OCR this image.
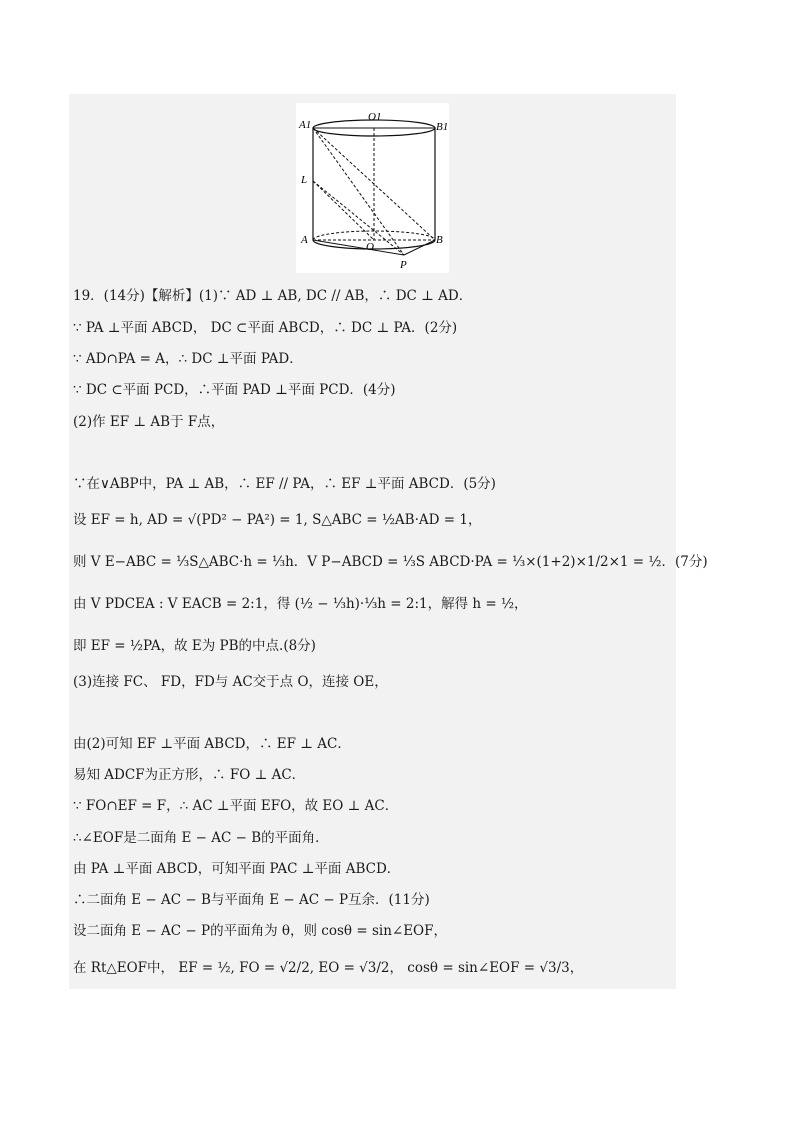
A1
O1
B1
L
A
O
B
P
19．(14分)【解析】(1)∵ AD ⊥ AB, DC // AB，∴ DC ⊥ AD．
∵ PA ⊥平面 ABCD， DC ⊂平面 ABCD，∴ DC ⊥ PA．(2分)
∵ AD∩PA = A，∴ DC ⊥平面 PAD．
∵ DC ⊂平面 PCD，∴平面 PAD ⊥平面 PCD．(4分)
(2)作 EF ⊥ AB于 F点，
∵在∨ABP中，PA ⊥ AB，∴ EF // PA，∴ EF ⊥平面 ABCD．(5分)
设 EF = h, AD = √(PD² − PA²) = 1, S△ABC = ½AB·AD = 1，
则 V E−ABC = ⅓S△ABC·h = ⅓h．V P−ABCD = ⅓S ABCD·PA = ⅓×(1+2)×1/2×1 = ½．(7分)
由 V PDCEA : V EACB = 2:1，得 (½ − ⅓h)·⅓h = 2:1，解得 h = ½，
即 EF = ½PA，故 E为 PB的中点.(8分)
(3)连接 FC、 FD，FD与 AC交于点 O，连接 OE，
由(2)可知 EF ⊥平面 ABCD，∴ EF ⊥ AC．
易知 ADCF为正方形，∴ FO ⊥ AC．
∵ FO∩EF = F，∴ AC ⊥平面 EFO，故 EO ⊥ AC．
∴∠EOF是二面角 E − AC − B的平面角．
由 PA ⊥平面 ABCD，可知平面 PAC ⊥平面 ABCD．
∴二面角 E − AC − B与平面角 E − AC − P互余．(11分)
设二面角 E − AC − P的平面角为 θ，则 cosθ = sin∠EOF，
在 Rt△EOF中， EF = ½, FO = √2/2, EO = √3/2， cosθ = sin∠EOF = √3/3，
